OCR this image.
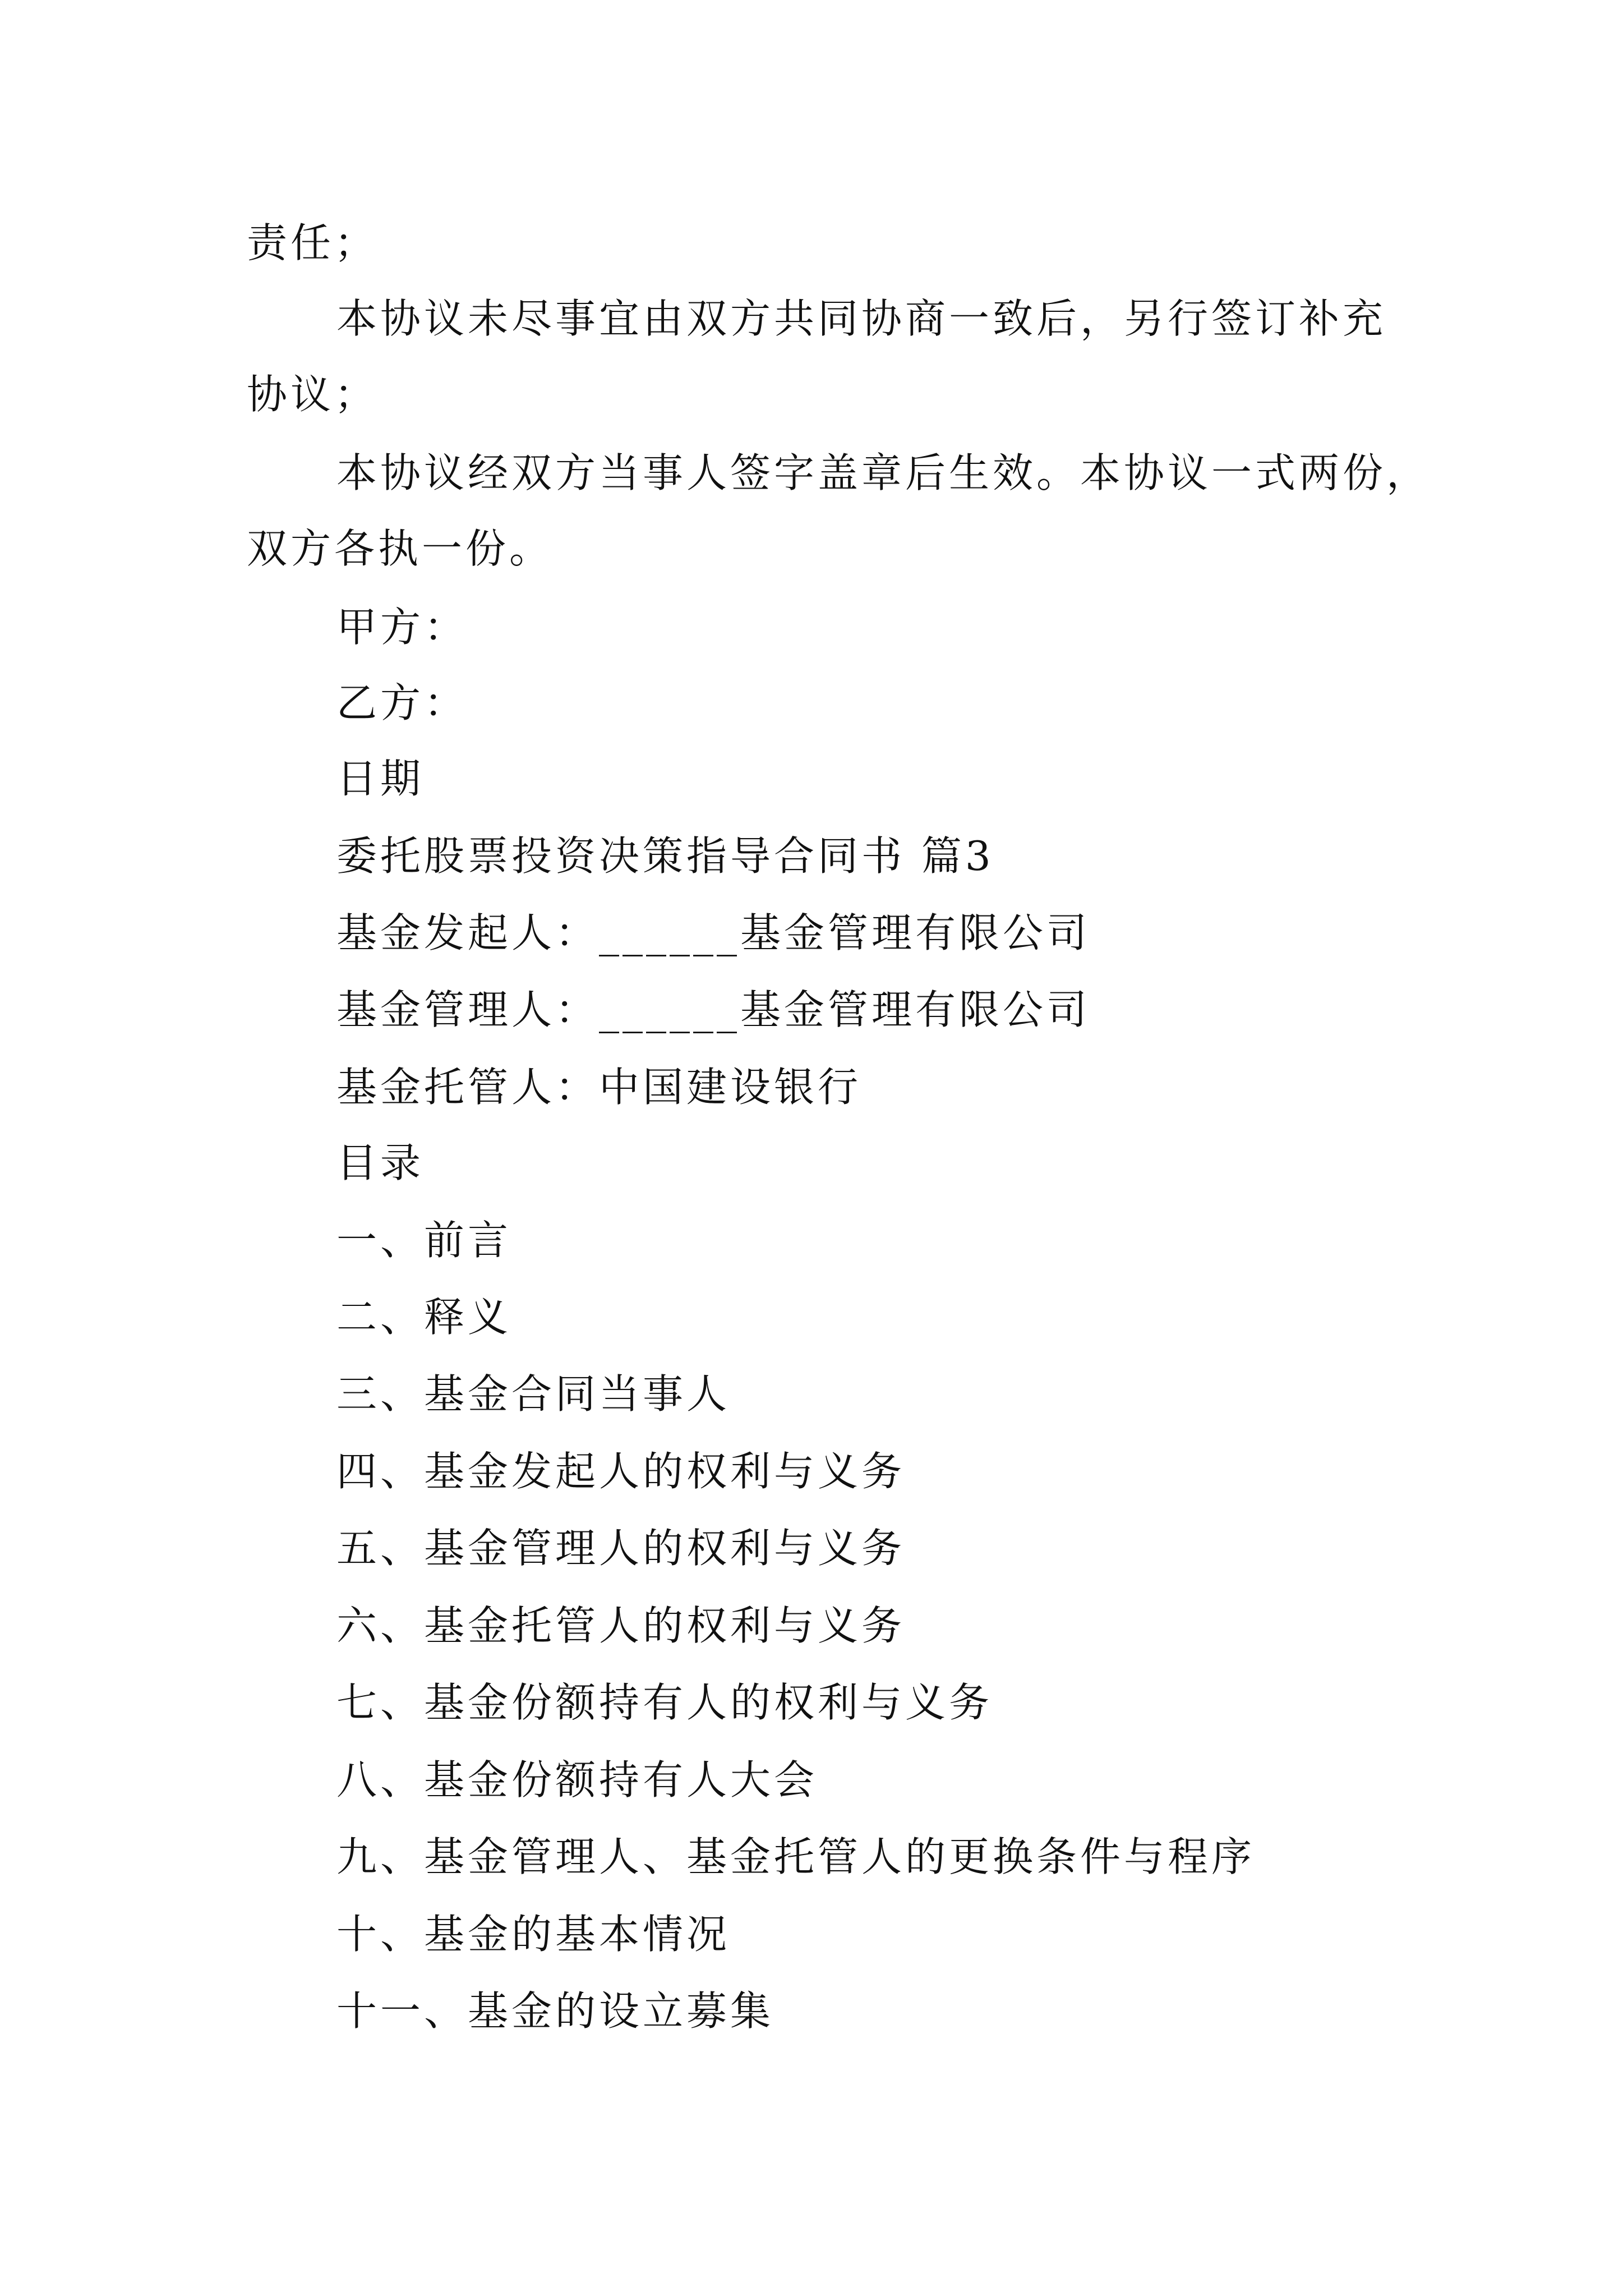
责任；
本协议未尽事宜由双方共同协商一致后，另行签订补充
协议；
本协议经双方当事人签字盖章后生效。本协议一式两份，
双方各执一份。
甲方：
乙方：
日期
委托股票投资决策指导合同书 篇3
基金发起人：______基金管理有限公司
基金管理人：______基金管理有限公司
基金托管人：中国建设银行
目录
一、前言
二、释义
三、基金合同当事人
四、基金发起人的权利与义务
五、基金管理人的权利与义务
六、基金托管人的权利与义务
七、基金份额持有人的权利与义务
八、基金份额持有人大会
九、基金管理人、基金托管人的更换条件与程序
十、基金的基本情况
十一、基金的设立募集
